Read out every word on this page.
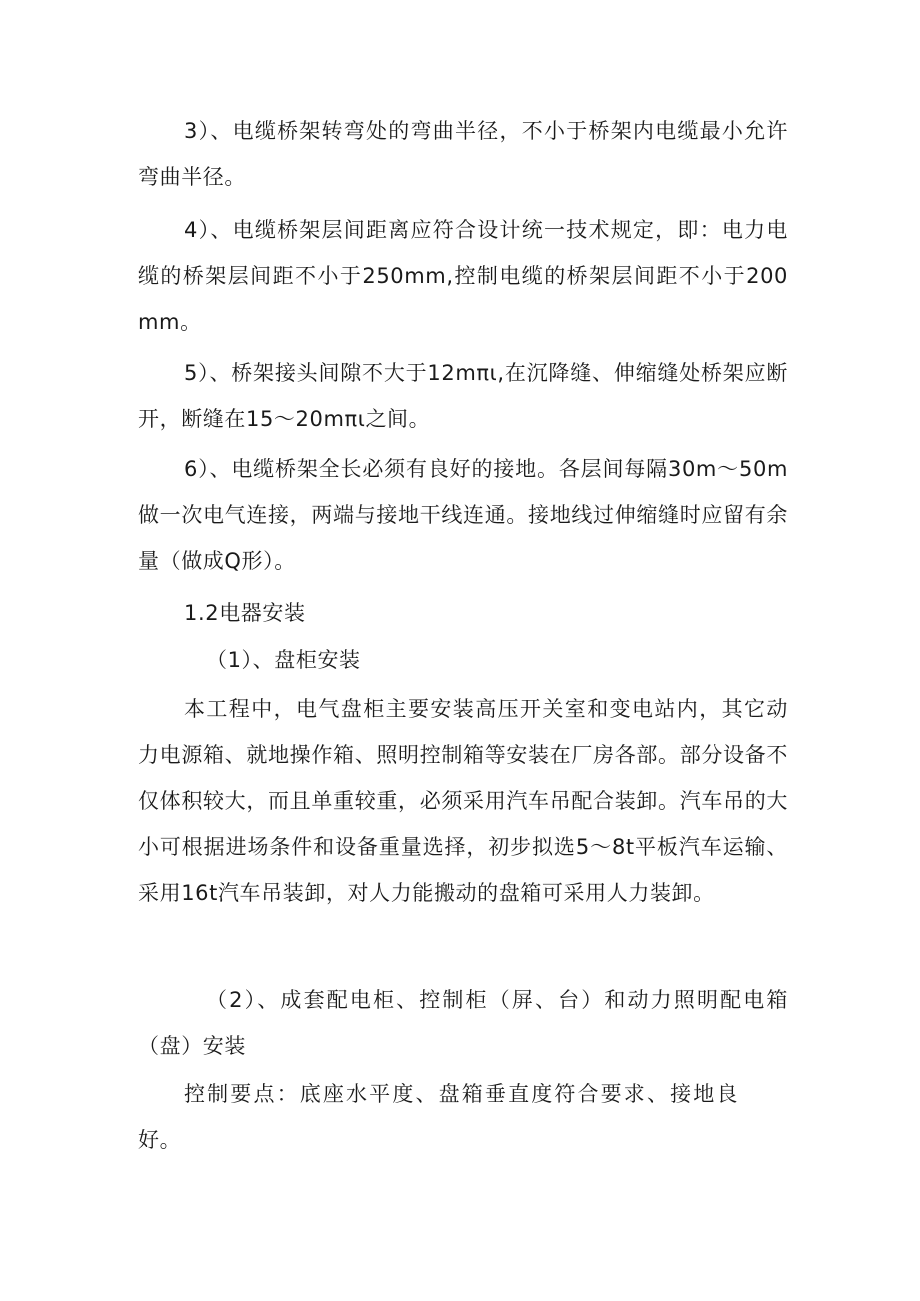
3）、电缆桥架转弯处的弯曲半径，不小于桥架内电缆最小允许弯曲半径。

4）、电缆桥架层间距离应符合设计统一技术规定，即：电力电缆的桥架层间距不小于250mm,控制电缆的桥架层间距不小于200mm。

5）、桥架接头间隙不大于12mπι,在沉降缝、伸缩缝处桥架应断开，断缝在15～20mπι之间。

6）、电缆桥架全长必须有良好的接地。各层间每隔30m～50m做一次电气连接，两端与接地干线连通。接地线过伸缩缝时应留有余量（做成Q形）。

1.2电器安装

（1）、盘柜安装

本工程中，电气盘柜主要安装高压开关室和变电站内，其它动力电源箱、就地操作箱、照明控制箱等安装在厂房各部。部分设备不仅体积较大，而且单重较重，必须采用汽车吊配合装卸。汽车吊的大小可根据进场条件和设备重量选择，初步拟选5～8t平板汽车运输、采用16t汽车吊装卸，对人力能搬动的盘箱可采用人力装卸。

（2）、成套配电柜、控制柜（屏、台）和动力照明配电箱（盘）安装

控制要点：底座水平度、盘箱垂直度符合要求、接地良好。
